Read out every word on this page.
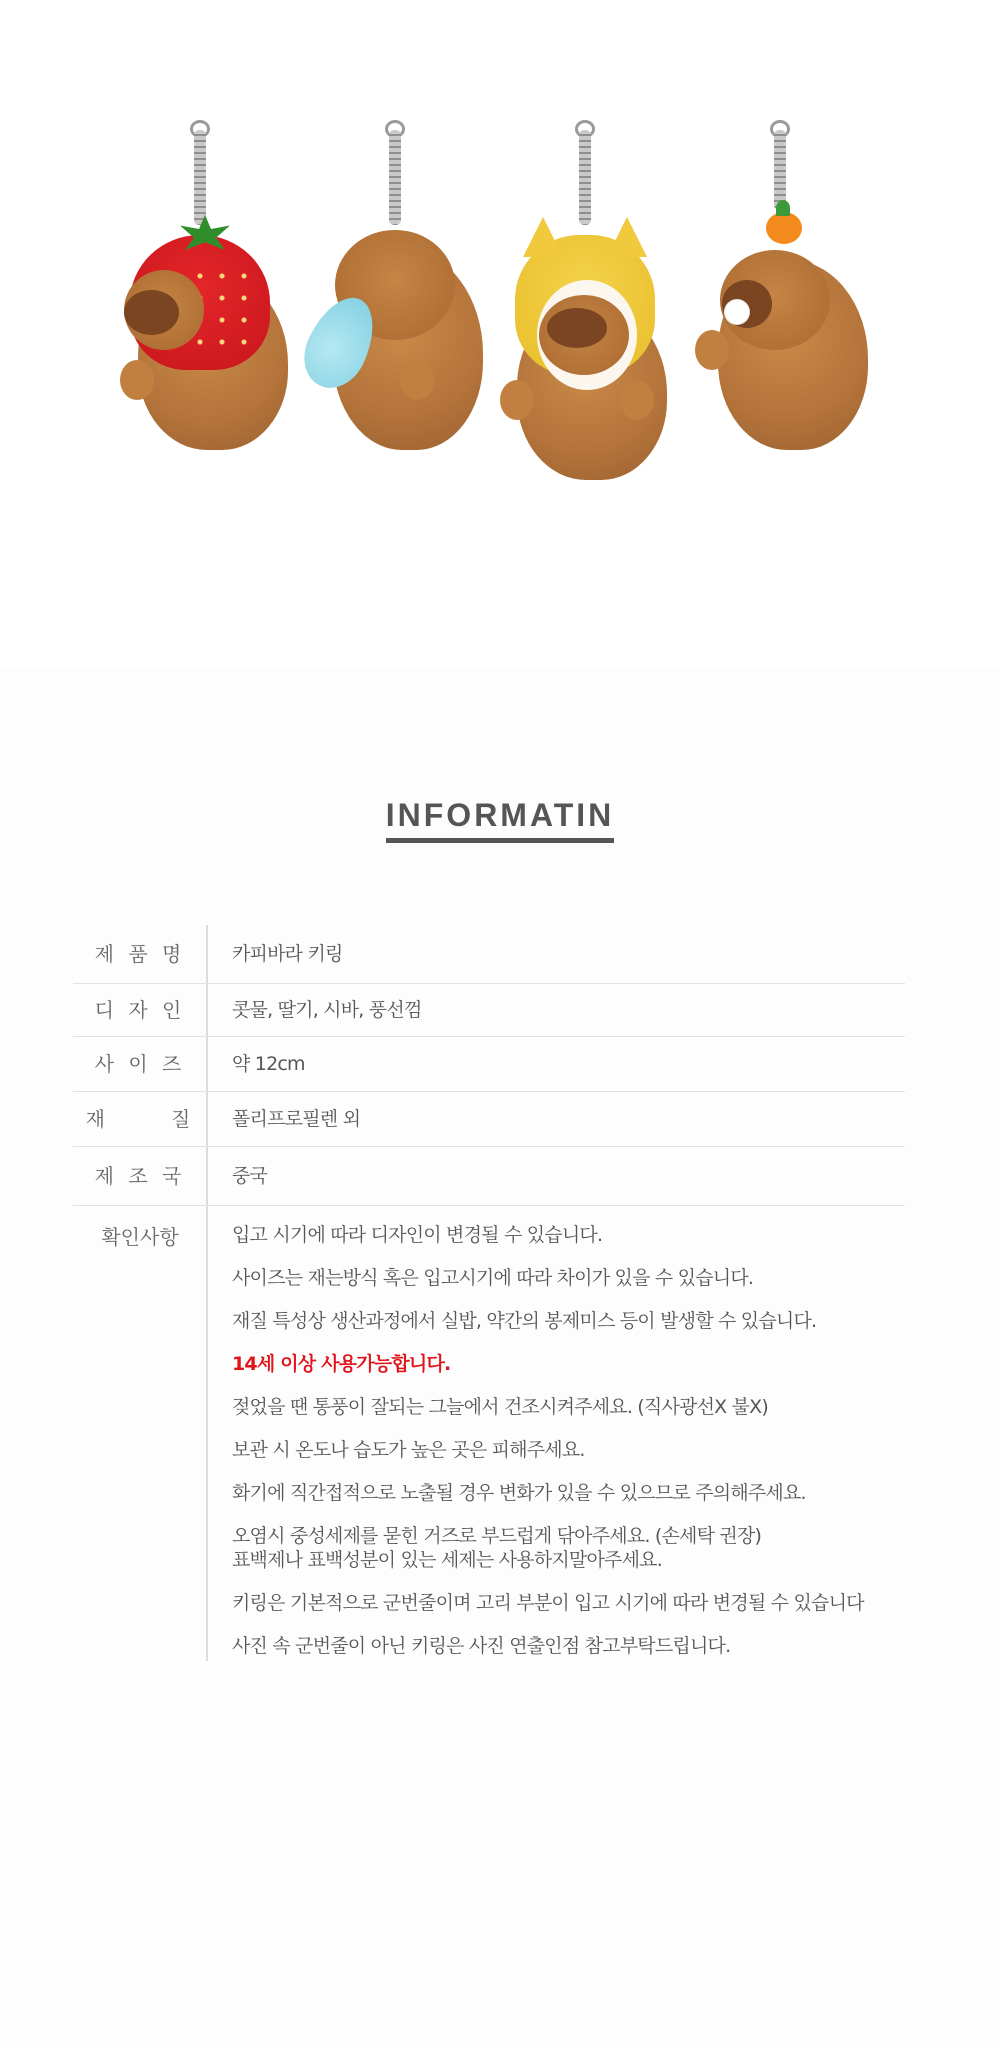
INFORMATIN
제 품 명	카피바라 키링
디 자 인	콧물, 딸기, 시바, 풍선껌
사 이 즈	약 12cm
재      질	폴리프로필렌 외
제 조 국	중국
확인사항	입고 시기에 따라 디자인이 변경될 수 있습니다.
사이즈는 재는방식 혹은 입고시기에 따라 차이가 있을 수 있습니다.
재질 특성상 생산과정에서 실밥, 약간의 봉제미스 등이 발생할 수 있습니다.
14세 이상 사용가능합니다.
젖었을 땐 통풍이 잘되는 그늘에서 건조시켜주세요. (직사광선X 불X)
보관 시 온도나 습도가 높은 곳은 피해주세요.
화기에 직간접적으로 노출될 경우 변화가 있을 수 있으므로 주의해주세요.
오염시 중성세제를 묻힌 거즈로 부드럽게 닦아주세요. (손세탁 권장)
표백제나 표백성분이 있는 세제는 사용하지말아주세요.
키링은 기본적으로 군번줄이며 고리 부분이 입고 시기에 따라 변경될 수 있습니다
사진 속 군번줄이 아닌 키링은 사진 연출인점 참고부탁드립니다.
